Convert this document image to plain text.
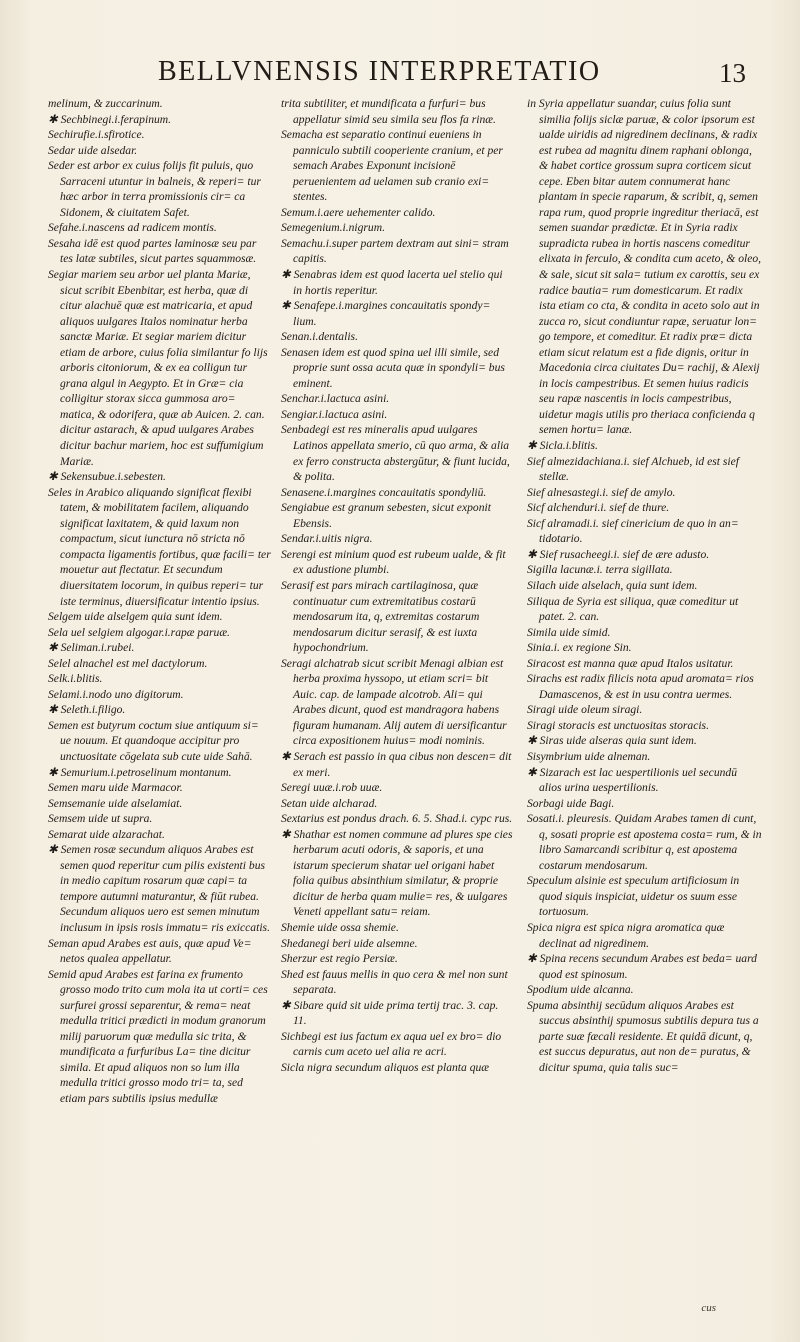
BELLVNENSIS INTERPRETATIO	13

melinum, & zuccarinum.

✱ Sechbinegi.i.ferapinum.

Sechirufie.i.sfirotice.

Sedar uide alsedar.

Seder est arbor ex cuius folijs fit puluis, quo Sarraceni utuntur in balneis, & reperi= tur hæc arbor in terra promissionis cir= ca Sidonem, & ciuitatem Safet.

Sefahe.i.nascens ad radicem montis.

Sesaha idē est quod partes laminosæ seu par tes latæ subtiles, sicut partes squammosæ.

Segiar mariem seu arbor uel planta Mariæ, sicut scribit Ebenbitar, est herba, quæ di citur alachuē quæ est matricaria, et apud aliquos uulgares Italos nominatur herba sanctæ Mariæ. Et segiar mariem dicitur etiam de arbore, cuius folia similantur fo lijs arboris citoniorum, & ex ea colligun tur grana algul in Aegypto. Et in Græ= cia colligitur storax sicca gummosa aro= matica, & odorifera, quæ ab Auicen. 2. can. dicitur astarach, & apud uulgares Arabes dicitur bachur mariem, hoc est suffumigium Mariæ.

✱ Sekensubue.i.sebesten.

Seles in Arabico aliquando significat flexibi tatem, & mobilitatem facilem, aliquando significat laxitatem, & quid laxum non compactum, sicut iunctura nō stricta nō compacta ligamentis fortibus, quæ facili= ter mouetur aut flectatur. Et secundum diuersitatem locorum, in quibus reperi= tur iste terminus, diuersificatur intentio ipsius.

Selgem uide alselgem quia sunt idem.

Sela uel selgiem algogar.i.rapæ paruæ.

✱ Seliman.i.rubei.

Selel alnachel est mel dactylorum.

Selk.i.blitis.

Selami.i.nodo uno digitorum.

✱ Seleth.i.filigo.

Semen est butyrum coctum siue antiquum si= ue nouum. Et quandoque accipitur pro unctuositate cōgelata sub cute uide Sahā.

✱ Semurium.i.petroselinum montanum.

Semen maru uide Marmacor.

Semsemanie uide alselamiat.

Semsem uide ut supra.

Semarat uide alzarachat.

✱ Semen rosæ secundum aliquos Arabes est semen quod reperitur cum pilis existenti bus in medio capitum rosarum quæ capi= ta tempore autumni maturantur, & fiūt rubea. Secundum aliquos uero est semen minutum inclusum in ipsis rosis immatu= ris exiccatis.

Seman apud Arabes est auis, quæ apud Ve= netos qualea appellatur.

Semid apud Arabes est farina ex frumento grosso modo trito cum mola ita ut corti= ces surfurei grossi separentur, & rema= neat medulla tritici prædicti in modum granorum milij paruorum quæ medulla sic trita, & mundificata a furfuribus La= tine dicitur simila. Et apud aliquos non so lum illa medulla tritici grosso modo tri= ta, sed etiam pars subtilis ipsius medullæ

trita subtiliter, et mundificata a furfuri= bus appellatur simid seu simila seu flos fa rinæ.

Semacha est separatio continui eueniens in panniculo subtili cooperiente cranium, et per semach Arabes Exponunt incisionē peruenientem ad uelamen sub cranio exi= stentes.

Semum.i.aere uehementer calido.

Semegenium.i.nigrum.

Semachu.i.super partem dextram aut sini= stram capitis.

✱ Senabras idem est quod lacerta uel stelio qui in hortis reperitur.

✱ Senafepe.i.margines concauitatis spondy= lium.

Senan.i.dentalis.

Senasen idem est quod spina uel illi simile, sed proprie sunt ossa acuta quæ in spondyli= bus eminent.

Senchar.i.lactuca asini.

Sengiar.i.lactuca asini.

Senbadegi est res mineralis apud uulgares Latinos appellata smerio, cū quo arma, & alia ex ferro constructa abstergūtur, & fiunt lucida, & polita.

Senasene.i.margines concauitatis spondyliū.

Sengiabue est granum sebesten, sicut exponit Ebensis.

Sendar.i.uitis nigra.

Serengi est minium quod est rubeum ualde, & fit ex adustione plumbi.

Serasif est pars mirach cartilaginosa, quæ continuatur cum extremitatibus costarū mendosarum ita, q, extremitas costarum mendosarum dicitur serasif, & est iuxta hypochondrium.

Seragi alchatrab sicut scribit Menagi albian est herba proxima hyssopo, ut etiam scri= bit Auic. cap. de lampade alcotrob. Ali= qui Arabes dicunt, quod est mandragora habens figuram humanam. Alij autem di uersificantur circa expositionem huius= modi nominis.

✱ Serach est passio in qua cibus non descen= dit ex meri.

Seregi uuæ.i.rob uuæ.

Setan uide alcharad.

Sextarius est pondus drach. 6. 5. Shad.i. cypc rus.

✱ Shathar est nomen commune ad plures spe cies herbarum acuti odoris, & saporis, et una istarum specierum shatar uel origani habet folia quibus absinthium similatur, & proprie dicitur de herba quam mulie= res, & uulgares Veneti appellant satu= reiam.

Shemie uide ossa shemie.

Shedanegi beri uide alsemne.

Sherzur est regio Persiæ.

Shed est fauus mellis in quo cera & mel non sunt separata.

✱ Sibare quid sit uide prima tertij trac. 3. cap. 11.

Sichbegi est ius factum ex aqua uel ex bro= dio carnis cum aceto uel alia re acri.

Sicla nigra secundum aliquos est planta quæ

in Syria appellatur suandar, cuius folia sunt similia folijs siclæ paruæ, & color ipsorum est ualde uiridis ad nigredinem declinans, & radix est rubea ad magnitu dinem raphani oblonga, & habet cortice grossum supra corticem sicut cepe. Eben bitar autem connumerat hanc plantam in specie raparum, & scribit, q, semen rapa rum, quod proprie ingreditur theriacā, est semen suandar prædictæ. Et in Syria radix supradicta rubea in hortis nascens comeditur elixata in ferculo, & condita cum aceto, & oleo, & sale, sicut sit sala= tutium ex carottis, seu ex radice bautia= rum domesticarum. Et radix ista etiam co cta, & condita in aceto solo aut in zucca ro, sicut condiuntur rapæ, seruatur lon= go tempore, et comeditur. Et radix præ= dicta etiam sicut relatum est a fide dignis, oritur in Macedonia circa ciuitates Du= rachij, & Alexij in locis campestribus. Et semen huius radicis seu rapæ nascentis in locis campestribus, uidetur magis utilis pro theriaca conficienda q semen hortu= lanæ.

✱ Sicla.i.blitis.

Sief almezidachiana.i. sief Alchueb, id est sief stellæ.

Sief alnesastegi.i. sief de amylo.

Sicf alchenduri.i. sief de thure.

Sicf alramadi.i. sief cinericium de quo in an= tidotario.

✱ Sief rusacheegi.i. sief de ære adusto.

Sigilla lacunæ.i. terra sigillata.

Silach uide alselach, quia sunt idem.

Siliqua de Syria est siliqua, quæ comeditur ut patet. 2. can.

Simila uide simid.

Sinia.i. ex regione Sin.

Siracost est manna quæ apud Italos usitatur.

Sirachs est radix filicis nota apud aromata= rios Damascenos, & est in usu contra uermes.

Siragi uide oleum siragi.

Siragi storacis est unctuositas storacis.

✱ Siras uide alseras quia sunt idem.

Sisymbrium uide alneman.

✱ Sizarach est lac uespertilionis uel secundū alios urina uespertilionis.

Sorbagi uide Bagi.

Sosati.i. pleuresis. Quidam Arabes tamen di cunt, q, sosati proprie est apostema costa= rum, & in libro Samarcandi scribitur q, est apostema costarum mendosarum.

Speculum alsinie est speculum artificiosum in quod siquis inspiciat, uidetur os suum esse tortuosum.

Spica nigra est spica nigra aromatica quæ declinat ad nigredinem.

✱ Spina recens secundum Arabes est beda= uard quod est spinosum.

Spodium uide alcanna.

Spuma absinthij secūdum aliquos Arabes est succus absinthij spumosus subtilis depura tus a parte suæ fæcali residente. Et quidā dicunt, q, est succus depuratus, aut non de= puratus, & dicitur spuma, quia talis suc=

cus
